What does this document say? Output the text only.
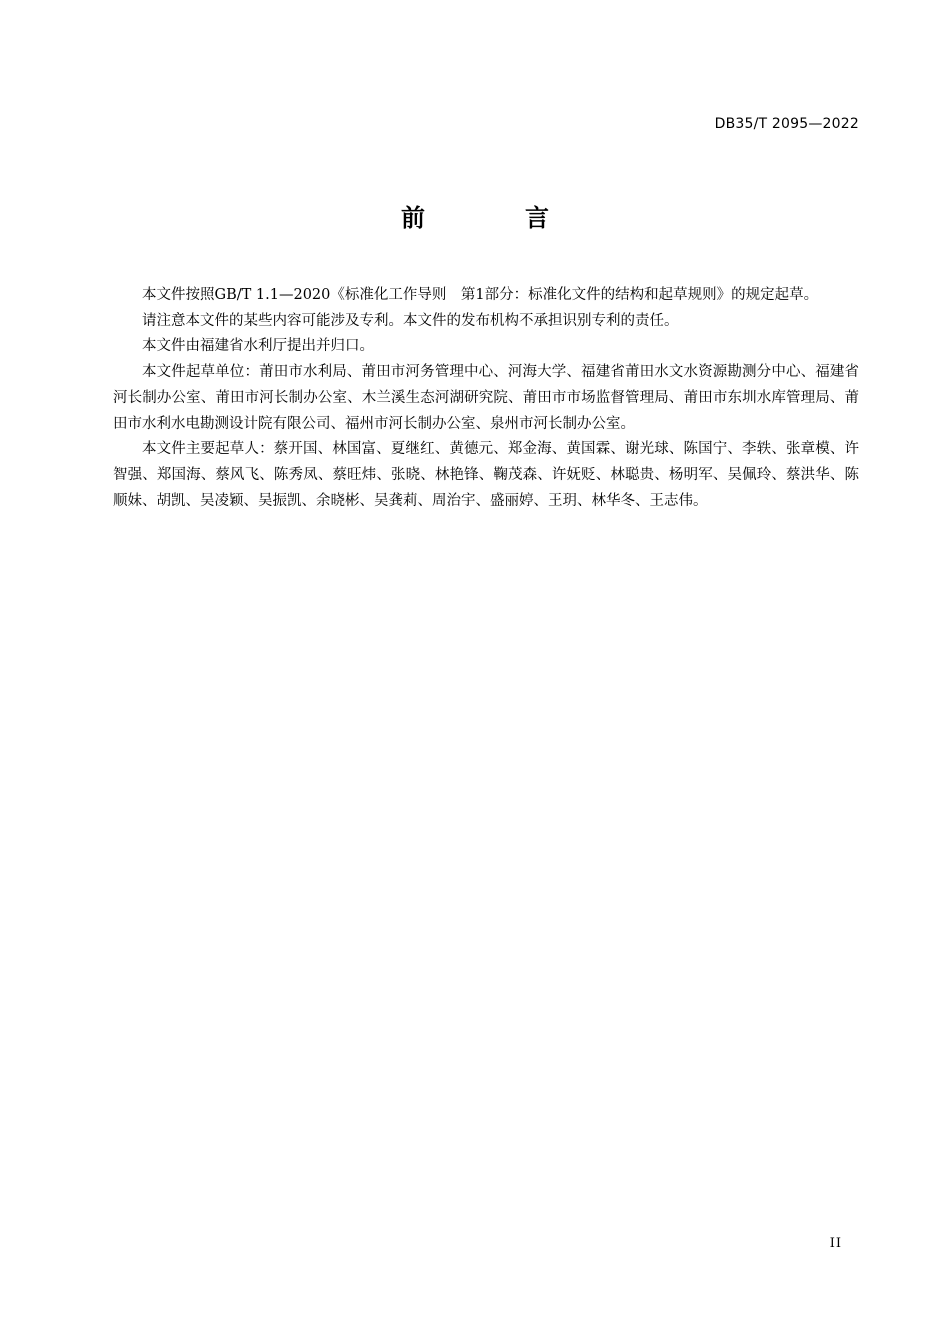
DB35/T 2095—2022
前　言

本文件按照GB/T 1.1—2020《标准化工作导则　第1部分：标准化文件的结构和起草规则》的规定起草。

请注意本文件的某些内容可能涉及专利。本文件的发布机构不承担识别专利的责任。

本文件由福建省水利厅提出并归口。

本文件起草单位：莆田市水利局、莆田市河务管理中心、河海大学、福建省莆田水文水资源勘测分中心、福建省河长制办公室、莆田市河长制办公室、木兰溪生态河湖研究院、莆田市市场监督管理局、莆田市东圳水库管理局、莆田市水利水电勘测设计院有限公司、福州市河长制办公室、泉州市河长制办公室。

本文件主要起草人：蔡开国、林国富、夏继红、黄德元、郑金海、黄国霖、谢光球、陈国宁、李轶、张章模、许智强、郑国海、蔡风飞、陈秀凤、蔡旺炜、张晓、林艳锋、鞠茂森、许妩贬、林聪贵、杨明军、吴佩玲、蔡洪华、陈顺妹、胡凯、吴凌颖、吴振凯、余晓彬、吴龚莉、周治宇、盛丽婷、王玥、林华冬、王志伟。

II
